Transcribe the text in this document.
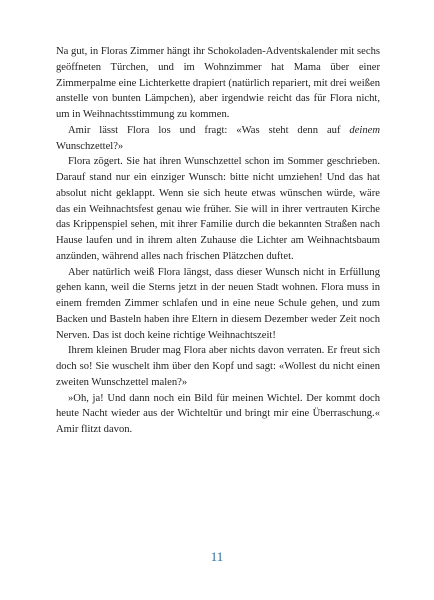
Na gut, in Floras Zimmer hängt ihr Schokoladen-Adventskalender mit sechs geöffneten Türchen, und im Wohnzimmer hat Mama über einer Zimmerpalme eine Lichterkette drapiert (natürlich repariert, mit drei weißen anstelle von bunten Lämpchen), aber irgendwie reicht das für Flora nicht, um in Weihnachtsstimmung zu kommen.

Amir lässt Flora los und fragt: «Was steht denn auf deinem Wunschzettel?»

Flora zögert. Sie hat ihren Wunschzettel schon im Sommer geschrieben. Darauf stand nur ein einziger Wunsch: bitte nicht umziehen! Und das hat absolut nicht geklappt. Wenn sie sich heute etwas wünschen würde, wäre das ein Weihnachtsfest genau wie früher. Sie will in ihrer vertrauten Kirche das Krippenspiel sehen, mit ihrer Familie durch die bekannten Straßen nach Hause laufen und in ihrem alten Zuhause die Lichter am Weihnachtsbaum anzünden, während alles nach frischen Plätzchen duftet.

Aber natürlich weiß Flora längst, dass dieser Wunsch nicht in Erfüllung gehen kann, weil die Sterns jetzt in der neuen Stadt wohnen. Flora muss in einem fremden Zimmer schlafen und in eine neue Schule gehen, und zum Backen und Basteln haben ihre Eltern in diesem Dezember weder Zeit noch Nerven. Das ist doch keine richtige Weihnachtszeit!

Ihrem kleinen Bruder mag Flora aber nichts davon verraten. Er freut sich doch so! Sie wuschelt ihm über den Kopf und sagt: «Wollest du nicht einen zweiten Wunschzettel malen?»

»Oh, ja! Und dann noch ein Bild für meinen Wichtel. Der kommt doch heute Nacht wieder aus der Wichteltür und bringt mir eine Überraschung.« Amir flitzt davon.

11
